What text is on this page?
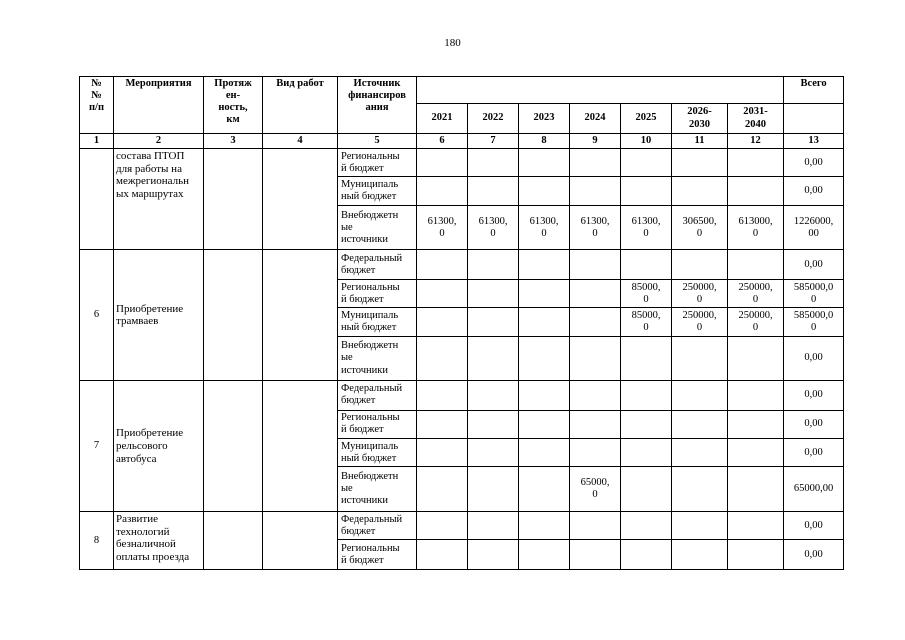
180
№
№
п/п	Мероприятия	Протяж
ен-
ность,
км	Вид работ	Источник
финансиров
ания								Всего
					2021	2022	2023	2024	2025	2026-
2030	2031-
2040	
1	2	3	4	5	6	7	8	9	10	11	12	13
	состава ПТОП
для работы на
межрегиональн
ых маршрутах			Региональны
й бюджет								0,00
				Муниципаль
ный бюджет								0,00
				Внебюджетн
ые
источники	61300,
0	61300,
0	61300,
0	61300,
0	61300,
0	306500,
0	613000,
0	1226000,
00
6	Приобретение
трамваев			Федеральный
бюджет								0,00
				Региональны
й бюджет					85000,
0	250000,
0	250000,
0	585000,0
0
				Муниципаль
ный бюджет					85000,
0	250000,
0	250000,
0	585000,0
0
				Внебюджетн
ые
источники								0,00
7	Приобретение
рельсового
автобуса			Федеральный
бюджет								0,00
				Региональны
й бюджет								0,00
				Муниципаль
ный бюджет								0,00
				Внебюджетн
ые
источники				65000,
0				65000,00
8	Развитие
технологий
безналичной
оплаты проезда			Федеральный
бюджет								0,00
				Региональны
й бюджет								0,00
